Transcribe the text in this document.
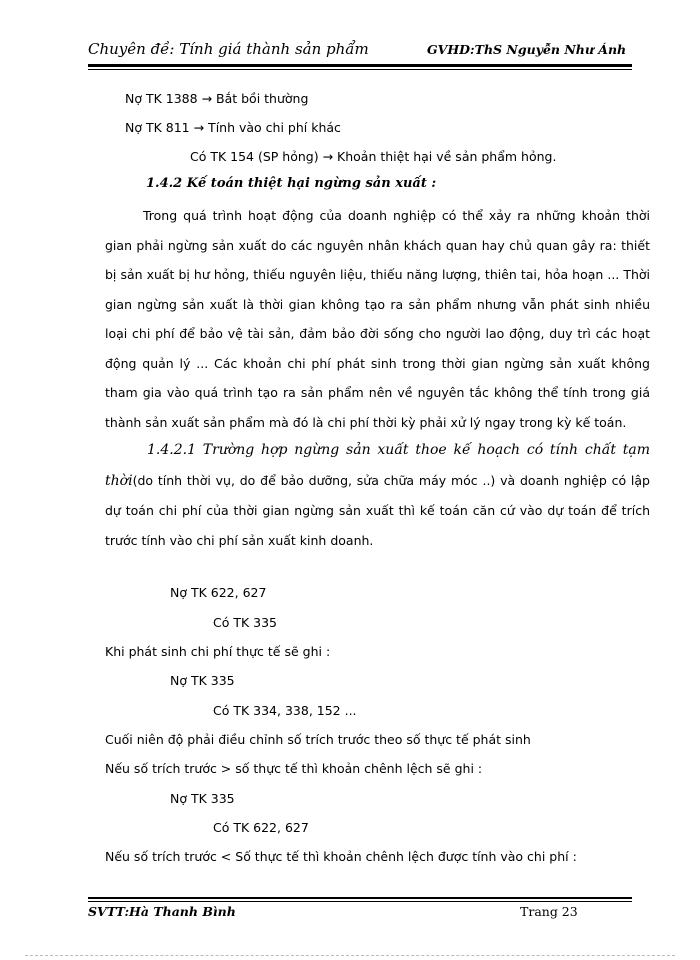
Chuyên đề: Tính giá thành sản phẩm	GVHD:ThS Nguyễn Như Ánh
Nợ TK 1388 → Bắt bồi thường
Nợ TK 811 → Tính vào chi phí khác
Có TK 154 (SP hỏng) → Khoản thiệt hại về sản phẩm hỏng.
1.4.2 Kế toán thiệt hại ngừng sản xuất :
Trong quá trình hoạt động của doanh nghiệp có thể xảy ra những khoản thời gian phải ngừng sản xuất do các nguyên nhân khách quan hay chủ quan gây ra: thiết bị sản xuất bị hư hỏng, thiếu nguyên liệu, thiếu năng lượng, thiên tai, hỏa hoạn ... Thời gian ngừng sản xuất là thời gian không tạo ra sản phẩm nhưng vẫn phát sinh nhiều loại chi phí để bảo vệ tài sản, đảm bảo đời sống cho người lao động, duy trì các hoạt động quản lý ... Các khoản chi phí phát sinh trong thời gian ngừng sản xuất không tham gia vào quá trình tạo ra sản phẩm nên về nguyên tắc không thể tính trong giá thành sản xuất sản phẩm mà đó là chi phí thời kỳ phải xử lý ngay trong kỳ kế toán.
1.4.2.1 Trường hợp ngừng sản xuất thoe kế hoạch có tính chất tạm thời(do tính thời vụ, do để bảo dưỡng, sửa chữa máy móc ..) và doanh nghiệp có lập dự toán chi phí của thời gian ngừng sản xuất thì kế toán căn cứ vào dự toán để trích trước tính vào chi phí sản xuất kinh doanh.
Nợ TK 622, 627
Có TK 335
Khi phát sinh chi phí thực tế sẽ ghi :
Nợ TK 335
Có TK 334, 338, 152 ...
Cuối niên độ phải điều chỉnh số trích trước theo số thực tế phát sinh
Nếu số trích trước > số thực tế thì khoản chênh lệch sẽ ghi :
Nợ TK 335
Có TK 622, 627
Nếu số trích trước < Số thực tế thì khoản chênh lệch được tính vào chi phí :
SVTT:Hà Thanh Bình	Trang 23
